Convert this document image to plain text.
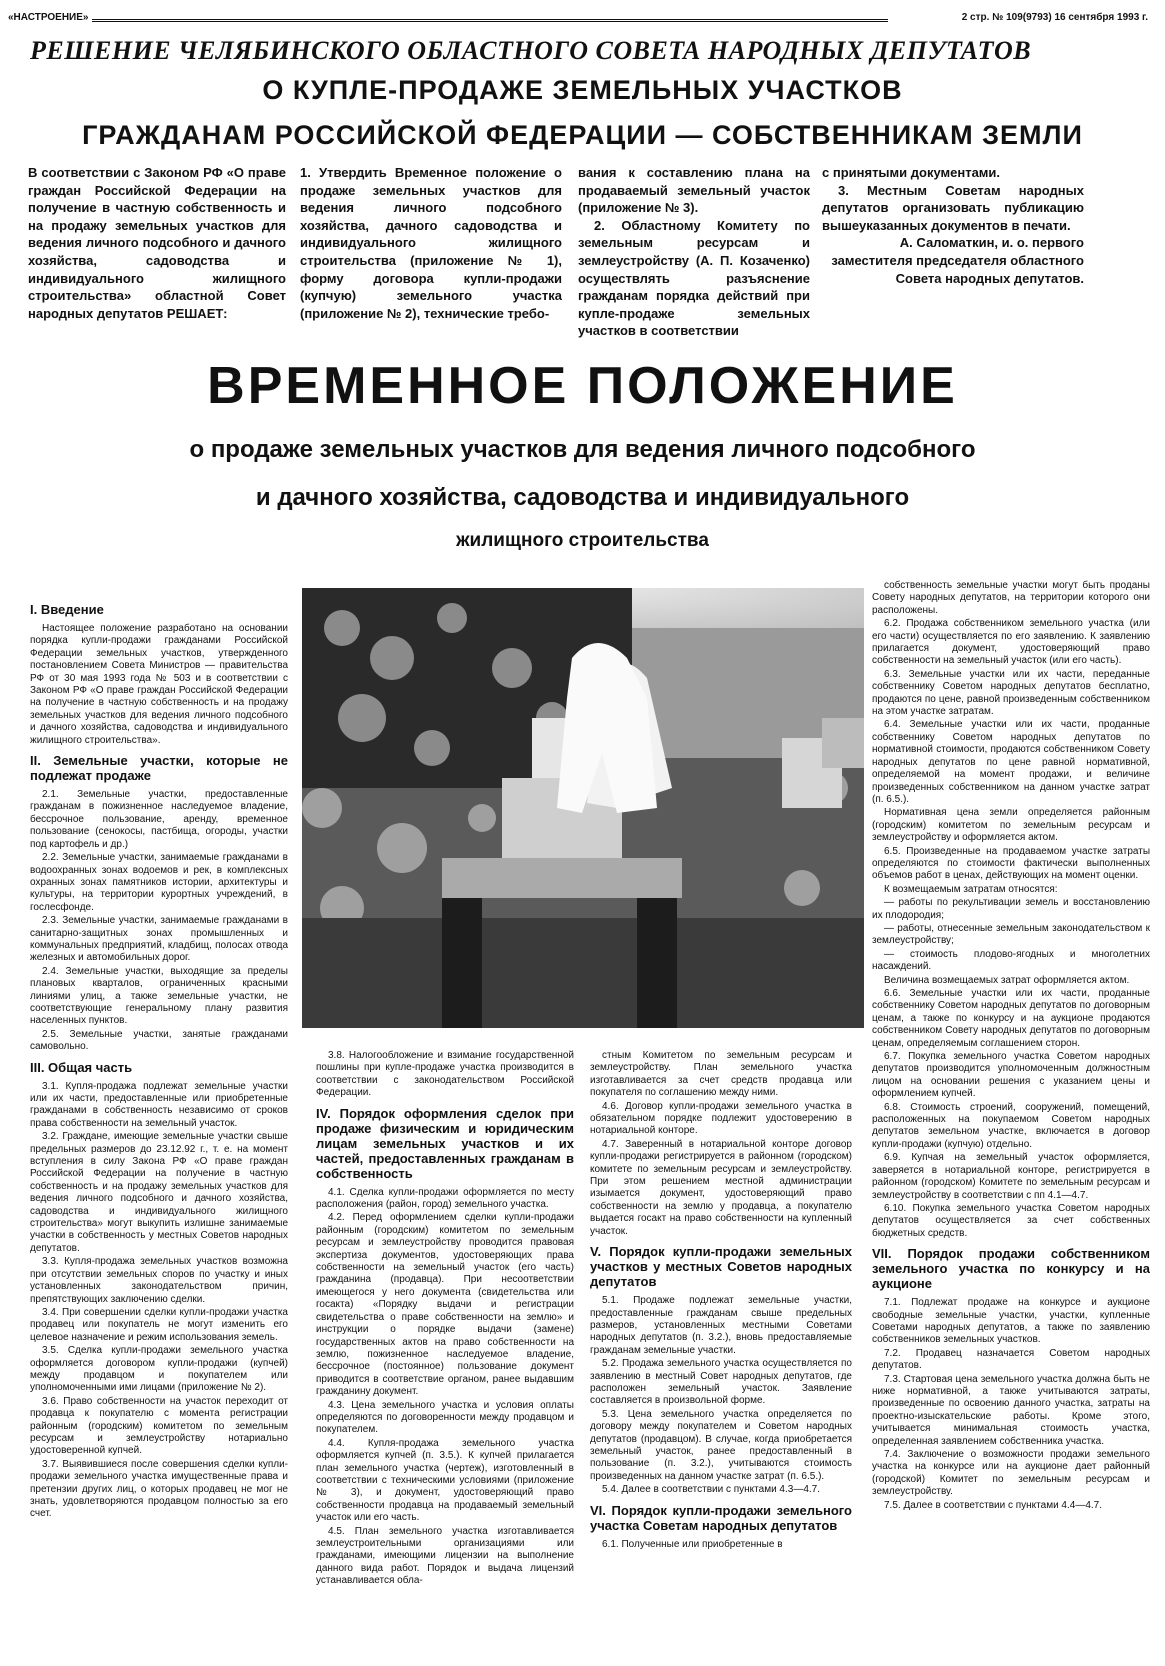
«НАСТРОЕНИЕ»	2 стр. № 109(9793) 16 сентября 1993 г.
РЕШЕНИЕ ЧЕЛЯБИНСКОГО ОБЛАСТНОГО СОВЕТА НАРОДНЫХ ДЕПУТАТОВ
О КУПЛЕ-ПРОДАЖЕ ЗЕМЕЛЬНЫХ УЧАСТКОВ
ГРАЖДАНАМ РОССИЙСКОЙ ФЕДЕРАЦИИ — СОБСТВЕННИКАМ ЗЕМЛИ

В соответствии с Законом РФ «О праве граждан Российской Федерации на получение в частную собственность и на продажу земельных участков для ведения личного подсобного и дачного хозяйства, садоводства и индивидуального жилищного строительства» областной Совет народных депутатов РЕШАЕТ:

1. Утвердить Временное положение о продаже земельных участков для ведения личного подсобного хозяйства, дачного садоводства и индивидуального жилищного строительства (приложение № 1), форму договора купли-продажи (купчую) земельного участка (приложение № 2), технические требо-

вания к составлению плана на продаваемый земельный участок (приложение № 3).

2. Областному Комитету по земельным ресурсам и землеустройству (А. П. Козаченко) осуществлять разъяснение гражданам порядка действий при купле-продаже земельных участков в соответствии

с принятыми документами.

3. Местным Советам народных депутатов организовать публикацию вышеуказанных документов в печати.

А. Саломаткин, и. о. первого заместителя председателя областного Совета народных депутатов.

ВРЕМЕННОЕ ПОЛОЖЕНИЕ
о продаже земельных участков для ведения личного подсобного
и дачного хозяйства, садоводства и индивидуального
жилищного строительства
I. Введение

Настоящее положение разработано на основании порядка купли-продажи гражданами Российской Федерации земельных участков, утвержденного постановлением Совета Министров — правительства РФ от 30 мая 1993 года № 503 и в соответствии с Законом РФ «О праве граждан Российской Федерации на получение в частную собственность и на продажу земельных участков для ведения личного подсобного и дачного хозяйства, садоводства и индивидуального жилищного строительства».

II. Земельные участки, которые не подлежат продаже

2.1. Земельные участки, предоставленные гражданам в пожизненное наследуемое владение, бессрочное пользование, аренду, временное пользование (сенокосы, пастбища, огороды, участки под картофель и др.)

2.2. Земельные участки, занимаемые гражданами в водоохранных зонах водоемов и рек, в комплексных охранных зонах памятников истории, архитектуры и культуры, на территории курортных учреждений, в гослесфонде.

2.3. Земельные участки, занимаемые гражданами в санитарно-защитных зонах промышленных и коммунальных предприятий, кладбищ, полосах отвода железных и автомобильных дорог.

2.4. Земельные участки, выходящие за пределы плановых кварталов, ограниченных красными линиями улиц, а также земельные участки, не соответствующие генеральному плану развития населенных пунктов.

2.5. Земельные участки, занятые гражданами самовольно.

III. Общая часть

3.1. Купля-продажа подлежат земельные участки или их части, предоставленные или приобретенные гражданами в собственность независимо от сроков права собственности на земельный участок.

3.2. Граждане, имеющие земельные участки свыше предельных размеров до 23.12.92 г., т. е. на момент вступления в силу Закона РФ «О праве граждан Российской Федерации на получение в частную собственность и на продажу земельных участков для ведения личного подсобного и дачного хозяйства, садоводства и индивидуального жилищного строительства» могут выкупить излишне занимаемые участки в собственность у местных Советов народных депутатов.

3.3. Купля-продажа земельных участков возможна при отсутствии земельных споров по участку и иных установленных законодательством причин, препятствующих заключению сделки.

3.4. При совершении сделки купли-продажи участка продавец или покупатель не могут изменить его целевое назначение и режим использования земель.

3.5. Сделка купли-продажи земельного участка оформляется договором купли-продажи (купчей) между продавцом и покупателем или уполномоченными ими лицами (приложение № 2).

3.6. Право собственности на участок переходит от продавца к покупателю с момента регистрации районным (городским) комитетом по земельным ресурсам и землеустройству нотариально удостоверенной купчей.

3.7. Выявившиеся после совершения сделки купли-продажи земельного участка имущественные права и претензии других лиц, о которых продавец не мог не знать, удовлетворяются продавцом полностью за его счет.

3.8. Налогообложение и взимание государственной пошлины при купле-продаже участка производится в соответствии с законодательством Российской Федерации.

IV. Порядок оформления сделок при продаже физическим и юридическим лицам земельных участков и их частей, предоставленных гражданам в собственность

4.1. Сделка купли-продажи оформляется по месту расположения (район, город) земельного участка.

4.2. Перед оформлением сделки купли-продажи районным (городским) комитетом по земельным ресурсам и землеустройству проводится правовая экспертиза документов, удостоверяющих права собственности на земельный участок (его часть) гражданина (продавца). При несоответствии имеющегося у него документа (свидетельства или госакта) «Порядку выдачи и регистрации свидетельства о праве собственности на землю» и инструкции о порядке выдачи (замене) государственных актов на право собственности на землю, пожизненное наследуемое владение, бессрочное (постоянное) пользование документ приводится в соответствие органом, ранее выдавшим гражданину документ.

4.3. Цена земельного участка и условия оплаты определяются по договоренности между продавцом и покупателем.

4.4. Купля-продажа земельного участка оформляется купчей (п. 3.5.). К купчей прилагается план земельного участка (чертеж), изготовленный в соответствии с техническими условиями (приложение № 3), и документ, удостоверяющий право собственности продавца на продаваемый земельный участок или его часть.

4.5. План земельного участка изготавливается землеустроительными организациями или гражданами, имеющими лицензии на выполнение данного вида работ. Порядок и выдача лицензий устанавливается обла-

стным Комитетом по земельным ресурсам и землеустройству. План земельного участка изготавливается за счет средств продавца или покупателя по соглашению между ними.

4.6. Договор купли-продажи земельного участка в обязательном порядке подлежит удостоверению в нотариальной конторе.

4.7. Заверенный в нотариальной конторе договор купли-продажи регистрируется в районном (городском) комитете по земельным ресурсам и землеустройству. При этом решением местной администрации изымается документ, удостоверяющий право собственности на землю у продавца, а покупателю выдается госакт на право собственности на купленный участок.

V. Порядок купли-продажи земельных участков у местных Советов народных депутатов

5.1. Продаже подлежат земельные участки, предоставленные гражданам свыше предельных размеров, установленных местными Советами народных депутатов (п. 3.2.), вновь предоставляемые гражданам земельные участки.

5.2. Продажа земельного участка осуществляется по заявлению в местный Совет народных депутатов, где расположен земельный участок. Заявление составляется в произвольной форме.

5.3. Цена земельного участка определяется по договору между покупателем и Советом народных депутатов (продавцом). В случае, когда приобретается земельный участок, ранее предоставленный в пользование (п. 3.2.), учитываются стоимость произведенных на данном участке затрат (п. 6.5.).

5.4. Далее в соответствии с пунктами 4.3—4.7.

VI. Порядок купли-продажи земельного участка Советам народных депутатов

6.1. Полученные или приобретенные в

собственность земельные участки могут быть проданы Совету народных депутатов, на территории которого они расположены.

6.2. Продажа собственником земельного участка (или его части) осуществляется по его заявлению. К заявлению прилагается документ, удостоверяющий право собственности на земельный участок (или его часть).

6.3. Земельные участки или их части, переданные собственнику Советом народных депутатов бесплатно, продаются по цене, равной произведенным собственником на этом участке затратам.

6.4. Земельные участки или их части, проданные собственнику Советом народных депутатов по нормативной стоимости, продаются собственником Совету народных депутатов по цене равной нормативной, определяемой на момент продажи, и величине произведенных собственником на данном участке затрат (п. 6.5.).

Нормативная цена земли определяется районным (городским) комитетом по земельным ресурсам и землеустройству и оформляется актом.

6.5. Произведенные на продаваемом участке затраты определяются по стоимости фактически выполненных объемов работ в ценах, действующих на момент оценки.

К возмещаемым затратам относятся:

— работы по рекультивации земель и восстановлению их плодородия;

— работы, отнесенные земельным законодательством к землеустройству;

— стоимость плодово-ягодных и многолетних насаждений.

Величина возмещаемых затрат оформляется актом.

6.6. Земельные участки или их части, проданные собственнику Советом народных депутатов по договорным ценам, а также по конкурсу и на аукционе продаются собственником Совету народных депутатов по договорным ценам, определяемым соглашением сторон.

6.7. Покупка земельного участка Советом народных депутатов производится уполномоченным должностным лицом на основании решения с указанием цены и оформлением купчей.

6.8. Стоимость строений, сооружений, помещений, расположенных на покупаемом Советом народных депутатов земельном участке, включается в договор купли-продажи (купчую) отдельно.

6.9. Купчая на земельный участок оформляется, заверяется в нотариальной конторе, регистрируется в районном (городском) Комитете по земельным ресурсам и землеустройству в соответствии с пп 4.1—4.7.

6.10. Покупка земельного участка Советом народных депутатов осуществляется за счет собственных бюджетных средств.

VII. Порядок продажи собственником земельного участка по конкурсу и на аукционе

7.1. Подлежат продаже на конкурсе и аукционе свободные земельные участки, участки, купленные Советами народных депутатов, а также по заявлению собственников земельных участков.

7.2. Продавец назначается Советом народных депутатов.

7.3. Стартовая цена земельного участка должна быть не ниже нормативной, а также учитываются затраты, произведенные по освоению данного участка, затраты на проектно-изыскательские работы. Кроме этого, учитывается минимальная стоимость участка, определенная заявлением собственника участка.

7.4. Заключение о возможности продажи земельного участка на конкурсе или на аукционе дает районный (городской) Комитет по земельным ресурсам и землеустройству.

7.5. Далее в соответствии с пунктами 4.4—4.7.
